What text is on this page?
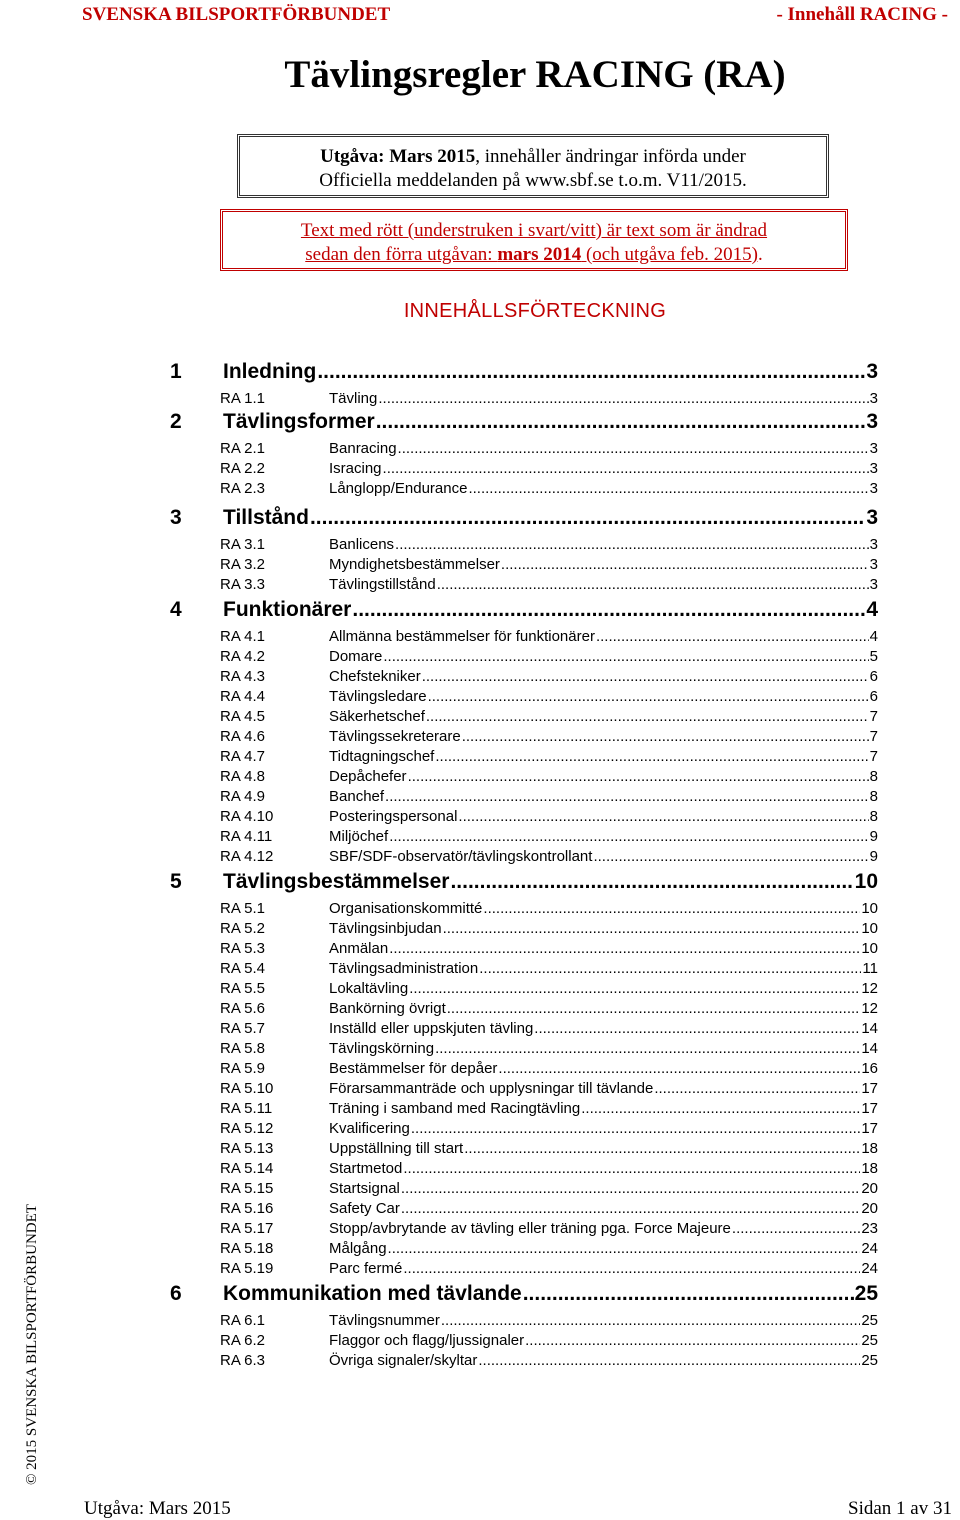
SVENSKA BILSPORTFÖRBUNDET	- Innehåll RACING -
Tävlingsregler RACING (RA)
Utgåva: Mars 2015, innehåller ändringar införda under
Officiella meddelanden på www.sbf.se t.o.m. V11/2015.
Text med rött (understruken i svart/vitt) är text som är ändrad
sedan den förra utgåvan: mars 2014 (och utgåva feb. 2015).
INNEHÅLLSFÖRTECKNING
1	Inledning .....	3
RA 1.1	Tävling .....	3
2	Tävlingsformer .....	3
RA 2.1	Banracing .....	3
RA 2.2	Isracing .....	3
RA 2.3	Långlopp/Endurance .....	3
3	Tillstånd .....	3
RA 3.1	Banlicens .....	3
RA 3.2	Myndighetsbestämmelser .....	3
RA 3.3	Tävlingstillstånd .....	3
4	Funktionärer .....	4
RA 4.1	Allmänna bestämmelser för funktionärer .....	4
RA 4.2	Domare .....	5
RA 4.3	Chefstekniker .....	6
RA 4.4	Tävlingsledare .....	6
RA 4.5	Säkerhetschef .....	7
RA 4.6	Tävlingssekreterare .....	7
RA 4.7	Tidtagningschef .....	7
RA 4.8	Depåchefer .....	8
RA 4.9	Banchef .....	8
RA 4.10	Posteringspersonal .....	8
RA 4.11	Miljöchef .....	9
RA 4.12	SBF/SDF-observatör/tävlingskontrollant .....	9
5	Tävlingsbestämmelser .....	10
RA 5.1	Organisationskommitté .....	10
RA 5.2	Tävlingsinbjudan .....	10
RA 5.3	Anmälan .....	10
RA 5.4	Tävlingsadministration .....	11
RA 5.5	Lokaltävling .....	12
RA 5.6	Bankörning övrigt .....	12
RA 5.7	Inställd eller uppskjuten tävling .....	14
RA 5.8	Tävlingskörning .....	14
RA 5.9	Bestämmelser för depåer .....	16
RA 5.10	Förarsammanträde och upplysningar till tävlande .....	17
RA 5.11	Träning i samband med Racingtävling .....	17
RA 5.12	Kvalificering .....	17
RA 5.13	Uppställning till start .....	18
RA 5.14	Startmetod .....	18
RA 5.15	Startsignal .....	20
RA 5.16	Safety Car .....	20
RA 5.17	Stopp/avbrytande av tävling eller träning pga. Force Majeure .....	23
RA 5.18	Målgång .....	24
RA 5.19	Parc fermé .....	24
6	Kommunikation med tävlande .....	25
RA 6.1	Tävlingsnummer .....	25
RA 6.2	Flaggor och flagg/ljussignaler .....	25
RA 6.3	Övriga signaler/skyltar .....	25
© 2015 SVENSKA BILSPORTFÖRBUNDET
Utgåva: Mars 2015	Sidan 1 av 31
